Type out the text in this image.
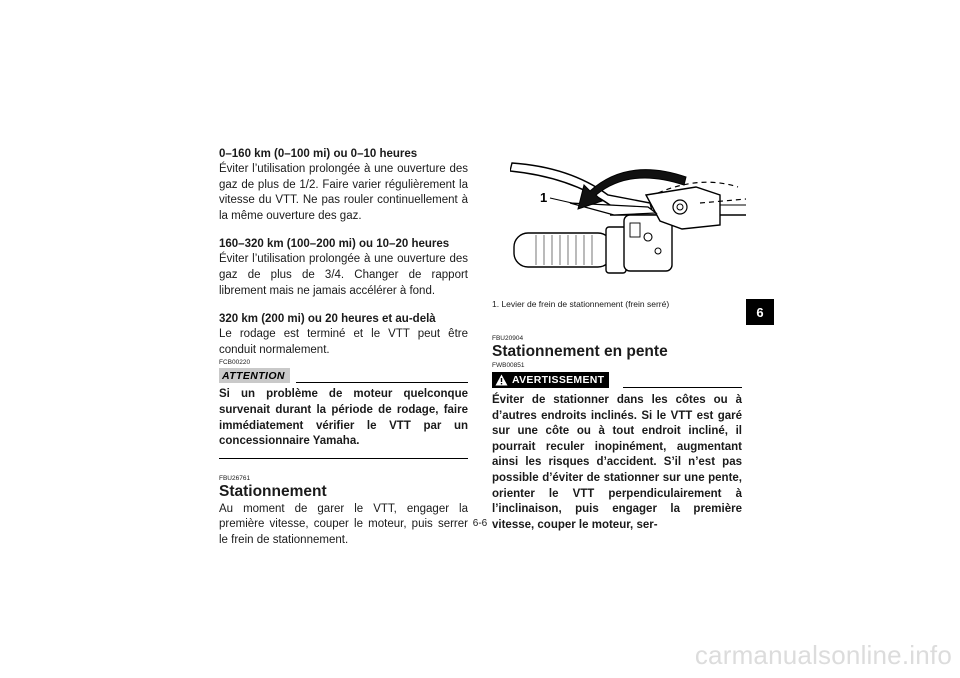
0–160 km (0–100 mi) ou 0–10 heures

Éviter l’utilisation prolongée à une ouverture des gaz de plus de 1/2. Faire varier régulièrement la vitesse du VTT. Ne pas rouler continuellement à la même ouverture des gaz.

160–320 km (100–200 mi) ou 10–20 heures

Éviter l’utilisation prolongée à une ouverture des gaz de plus de 3/4. Changer de rapport librement mais ne jamais accélérer à fond.

320 km (200 mi) ou 20 heures et au-delà

Le rodage est terminé et le VTT peut être conduit normalement.

FCB00220
ATTENTION

Si un problème de moteur quelconque survenait durant la période de rodage, faire immédiatement vérifier le VTT par un concessionnaire Yamaha.

FBU26761
Stationnement

Au moment de garer le VTT, engager la première vitesse, couper le moteur, puis serrer le frein de stationnement.

1
1. Levier de frein de stationnement (frein serré)
FBU20904
Stationnement en pente
FWB00851
AVERTISSEMENT

Éviter de stationner dans les côtes ou à d’autres endroits inclinés. Si le VTT est garé sur une côte ou à tout endroit incliné, il pourrait reculer inopinément, augmentant ainsi les risques d’accident. S’il n’est pas possible d’éviter de stationner sur une pente, orienter le VTT perpendiculairement à l’inclinaison, puis engager la première vitesse, couper le moteur, ser-

6
6-6
carmanualsonline.info
